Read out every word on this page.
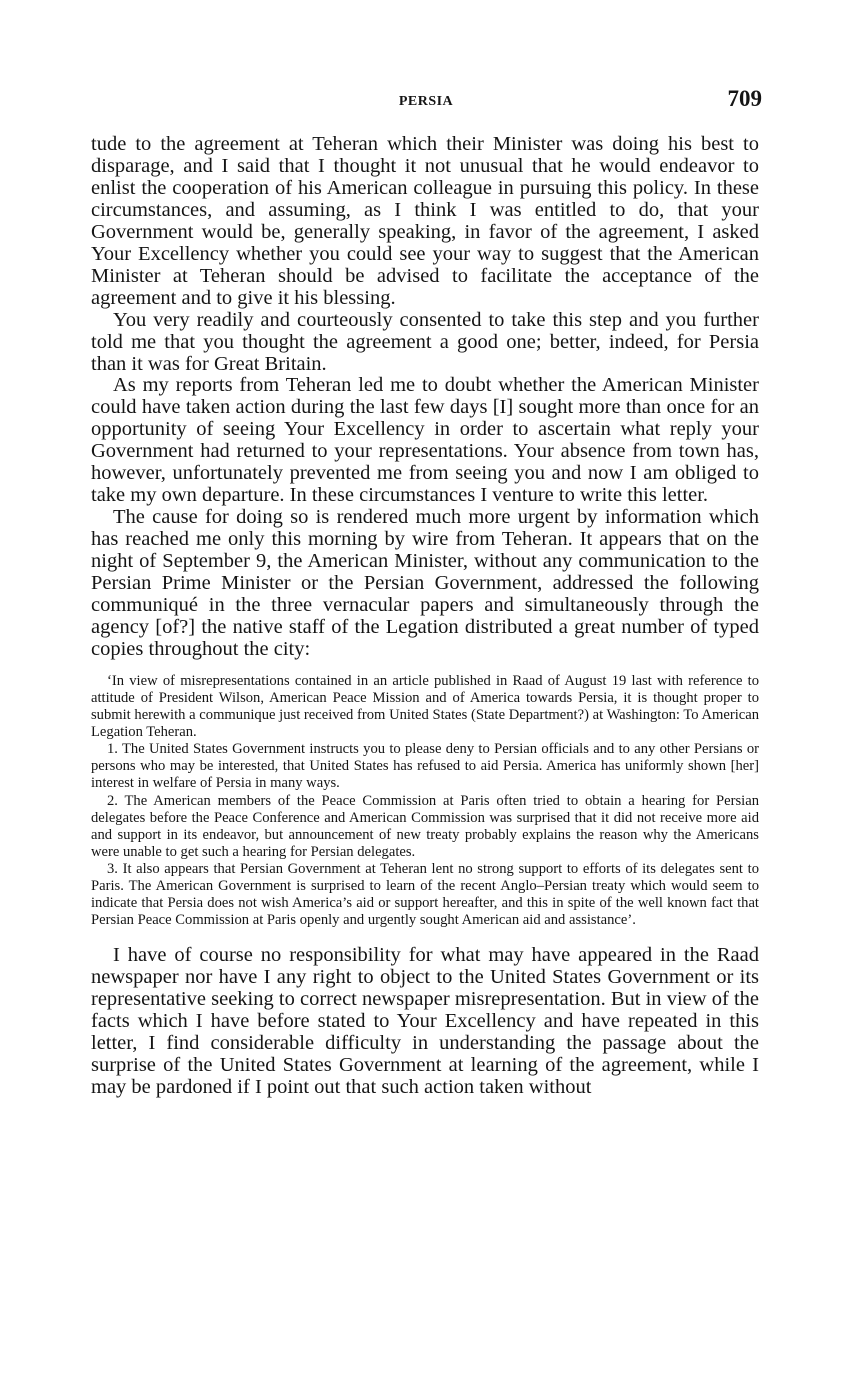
PERSIA	709

tude to the agreement at Teheran which their Minister was doing his best to disparage, and I said that I thought it not unusual that he would endeavor to enlist the cooperation of his American colleague in pursuing this policy. In these circumstances, and assuming, as I think I was entitled to do, that your Government would be, generally speaking, in favor of the agreement, I asked Your Excellency whether you could see your way to suggest that the American Minister at Teheran should be advised to facilitate the acceptance of the agreement and to give it his blessing.

You very readily and courteously consented to take this step and you further told me that you thought the agreement a good one; better, indeed, for Persia than it was for Great Britain.

As my reports from Teheran led me to doubt whether the American Minister could have taken action during the last few days [I] sought more than once for an opportunity of seeing Your Excellency in order to ascertain what reply your Government had returned to your representations. Your absence from town has, however, unfortunately prevented me from seeing you and now I am obliged to take my own departure. In these circumstances I venture to write this letter.

The cause for doing so is rendered much more urgent by information which has reached me only this morning by wire from Teheran. It appears that on the night of September 9, the American Minister, without any communication to the Persian Prime Minister or the Persian Government, addressed the following communiqué in the three vernacular papers and simultaneously through the agency [of?] the native staff of the Legation distributed a great number of typed copies throughout the city:

‘In view of misrepresentations contained in an article published in Raad of August 19 last with reference to attitude of President Wilson, American Peace Mission and of America towards Persia, it is thought proper to submit herewith a communique just received from United States (State Department?) at Washington: To American Legation Teheran.

1. The United States Government instructs you to please deny to Persian officials and to any other Persians or persons who may be interested, that United States has refused to aid Persia. America has uniformly shown [her] interest in welfare of Persia in many ways.

2. The American members of the Peace Commission at Paris often tried to obtain a hearing for Persian delegates before the Peace Conference and American Commission was surprised that it did not receive more aid and support in its endeavor, but announcement of new treaty probably explains the reason why the Americans were unable to get such a hearing for Persian delegates.

3. It also appears that Persian Government at Teheran lent no strong support to efforts of its delegates sent to Paris. The American Government is surprised to learn of the recent Anglo–Persian treaty which would seem to indicate that Persia does not wish America’s aid or support hereafter, and this in spite of the well known fact that Persian Peace Commission at Paris openly and urgently sought American aid and assistance’.

I have of course no responsibility for what may have appeared in the Raad newspaper nor have I any right to object to the United States Government or its representative seeking to correct newspaper misrepresentation. But in view of the facts which I have before stated to Your Excellency and have repeated in this letter, I find considerable difficulty in understanding the passage about the surprise of the United States Government at learning of the agreement, while I may be pardoned if I point out that such action taken without
